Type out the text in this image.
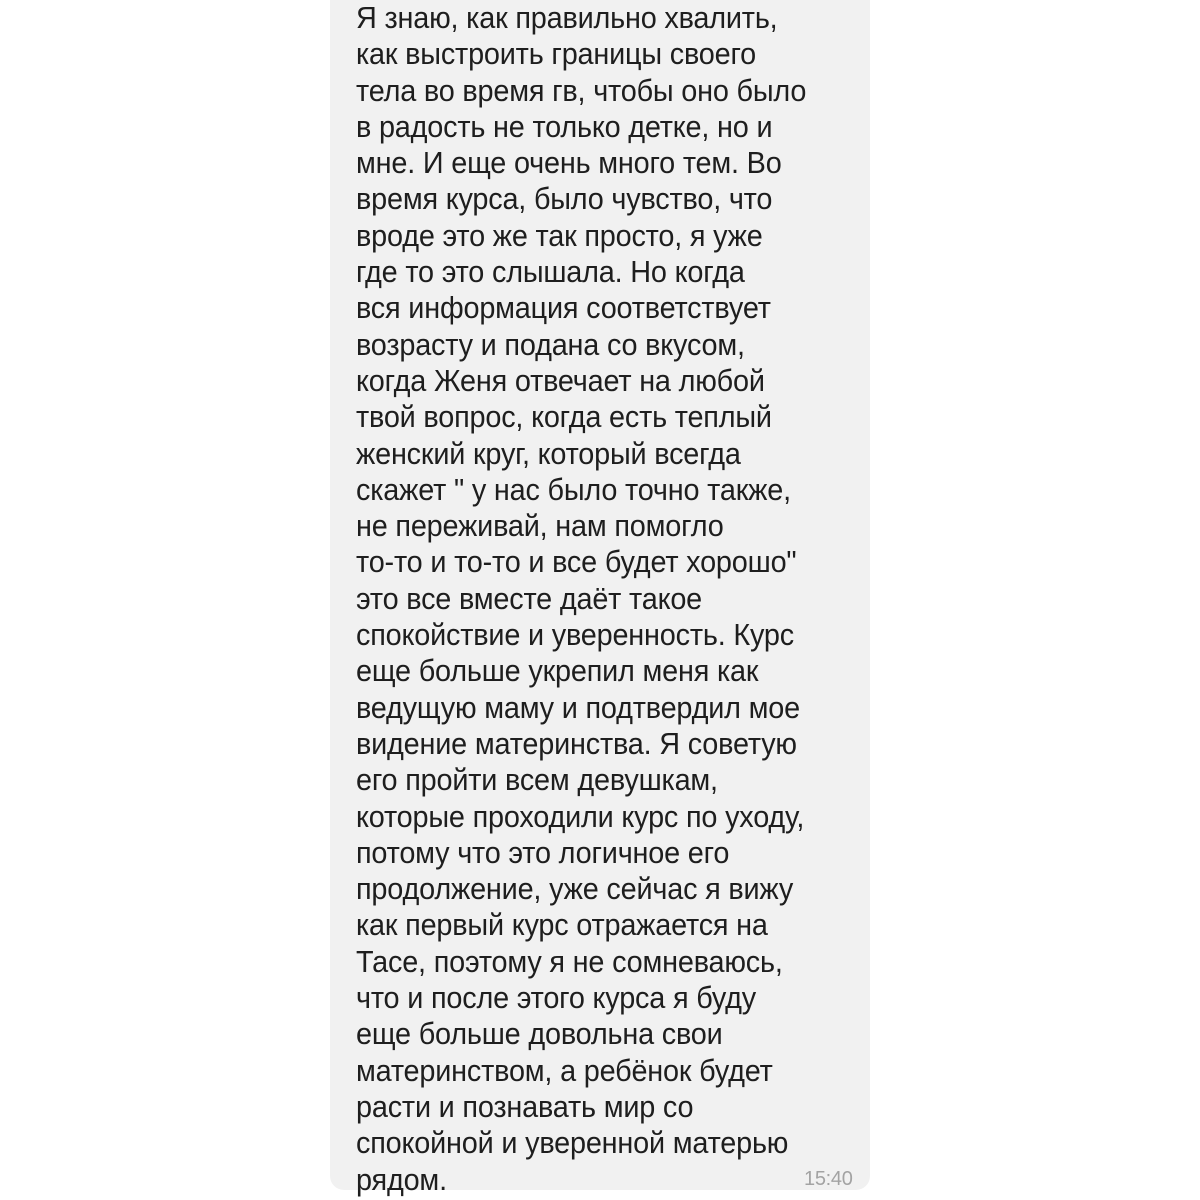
Я знаю, как правильно хвалить,
как выстроить границы своего
тела во время гв, чтобы оно было
в радость не только детке, но и
мне. И еще очень много тем. Во
время курса, было чувство, что
вроде это же так просто, я уже
где то это слышала. Но когда
вся информация соответствует
возрасту и подана со вкусом,
когда Женя отвечает на любой
твой вопрос, когда есть теплый
женский круг, который всегда
скажет " у нас было точно также,
не переживай, нам помогло
то-то и то-то и все будет хорошо"
это все вместе даёт такое
спокойствие и уверенность. Курс
еще больше укрепил меня как
ведущую маму и подтвердил мое
видение материнства. Я советую
его пройти всем девушкам,
которые проходили курс по уходу,
потому что это логичное его
продолжение, уже сейчас я вижу
как первый курс отражается на
Тасе, поэтому я не сомневаюсь,
что и после этого курса я буду
еще больше довольна свои
материнством, а ребёнок будет
расти и познавать мир со
спокойной и уверенной матерью
рядом.	15:40
